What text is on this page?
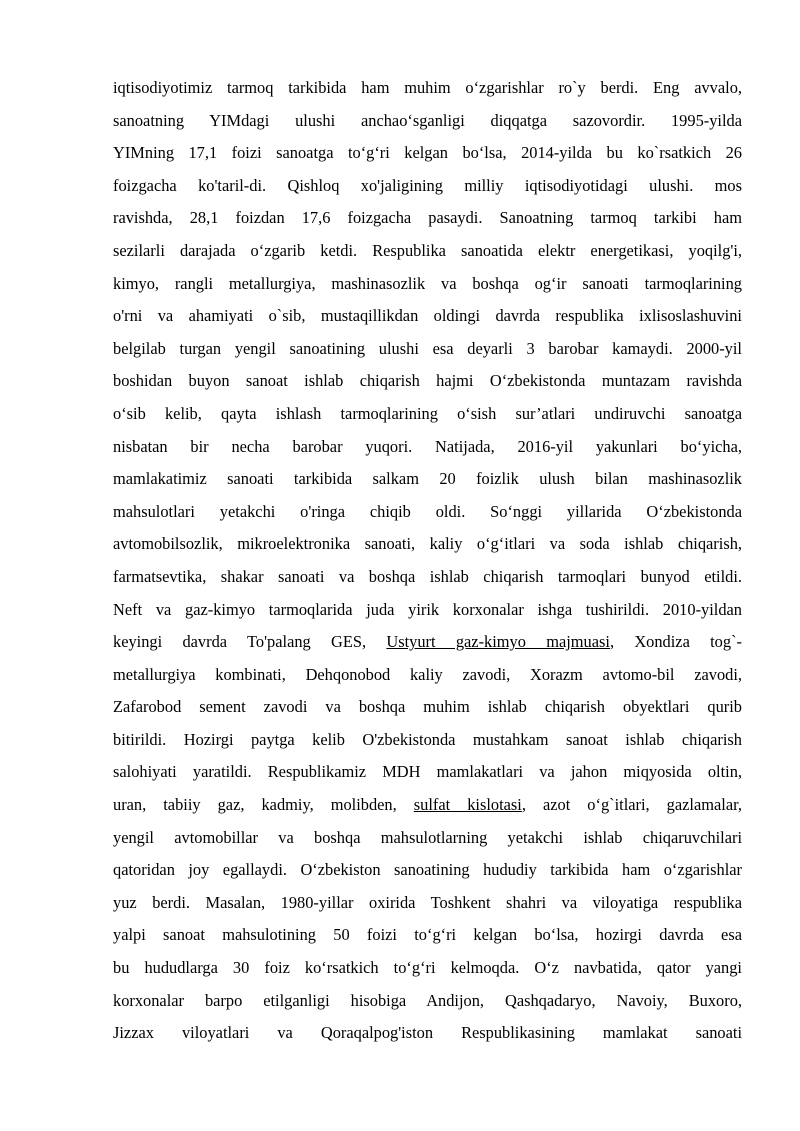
iqtisodiyotimiz tarmoq tarkibida ham muhim o‘zgarishlar ro`y berdi. Eng avvalo,
sanoatning YIMdagi ulushi anchao‘sganligi diqqatga sazovordir. 1995-yilda
YIMning 17,1 foizi sanoatga to‘g‘ri kelgan bo‘lsa, 2014-yilda bu ko`rsatkich 26
foizgacha ko'taril-di. Qishloq xo'jaligining milliy iqtisodiyotidagi ulushi. mos
ravishda, 28,1 foizdan 17,6 foizgacha pasaydi. Sanoatning tarmoq tarkibi ham
sezilarli darajada o‘zgarib ketdi. Respublika sanoatida elektr energetikasi, yoqilg'i,
kimyo, rangli metallurgiya, mashinasozlik va boshqa og‘ir sanoati tarmoqlarining
o'rni va ahamiyati o`sib, mustaqillikdan oldingi davrda respublika ixlisoslashuvini
belgilab turgan yengil sanoatining ulushi esa deyarli 3 barobar kamaydi. 2000-yil
boshidan buyon sanoat ishlab chiqarish hajmi O‘zbekistonda muntazam ravishda
o‘sib kelib, qayta ishlash tarmoqlarining o‘sish sur’atlari undiruvchi sanoatga
nisbatan bir necha barobar yuqori. Natijada, 2016-yil yakunlari bo‘yicha,
mamlakatimiz sanoati tarkibida salkam 20 foizlik ulush bilan mashinasozlik
mahsulotlari yetakchi o'ringa chiqib oldi. So‘nggi yillarida O‘zbekistonda
avtomobilsozlik, mikroelektronika sanoati, kaliy o‘g‘itlari va soda ishlab chiqarish,
farmatsevtika, shakar sanoati va boshqa ishlab chiqarish tarmoqlari bunyod etildi.
Neft va gaz-kimyo tarmoqlarida juda yirik korxonalar ishga tushirildi. 2010-yildan
keyingi davrda To'palang GES, Ustyurt gaz-kimyo majmuasi, Xondiza tog`-
metallurgiya kombinati, Dehqonobod kaliy zavodi, Xorazm avtomo-bil zavodi,
Zafarobod sement zavodi va boshqa muhim ishlab chiqarish obyektlari qurib
bitirildi. Hozirgi paytga kelib O'zbekistonda mustahkam sanoat ishlab chiqarish
salohiyati yaratildi. Respublikamiz MDH mamlakatlari va jahon miqyosida oltin,
uran, tabiiy gaz, kadmiy, molibden, sulfat kislotasi, azot o‘g`itlari, gazlamalar,
yengil avtomobillar va boshqa mahsulotlarning yetakchi ishlab chiqaruvchilari
qatoridan joy egallaydi. O‘zbekiston sanoatining hududiy tarkibida ham o‘zgarishlar
yuz berdi. Masalan, 1980-yillar oxirida Toshkent shahri va viloyatiga respublika
yalpi sanoat mahsulotining 50 foizi to‘g‘ri kelgan bo‘lsa, hozirgi davrda esa
bu hududlarga 30 foiz ko‘rsatkich to‘g‘ri kelmoqda. O‘z navbatida, qator yangi
korxonalar barpo etilganligi hisobiga Andijon, Qashqadaryo, Navoiy, Buxoro,
Jizzax viloyatlari va Qoraqalpog'iston Respublikasining mamlakat sanoati
